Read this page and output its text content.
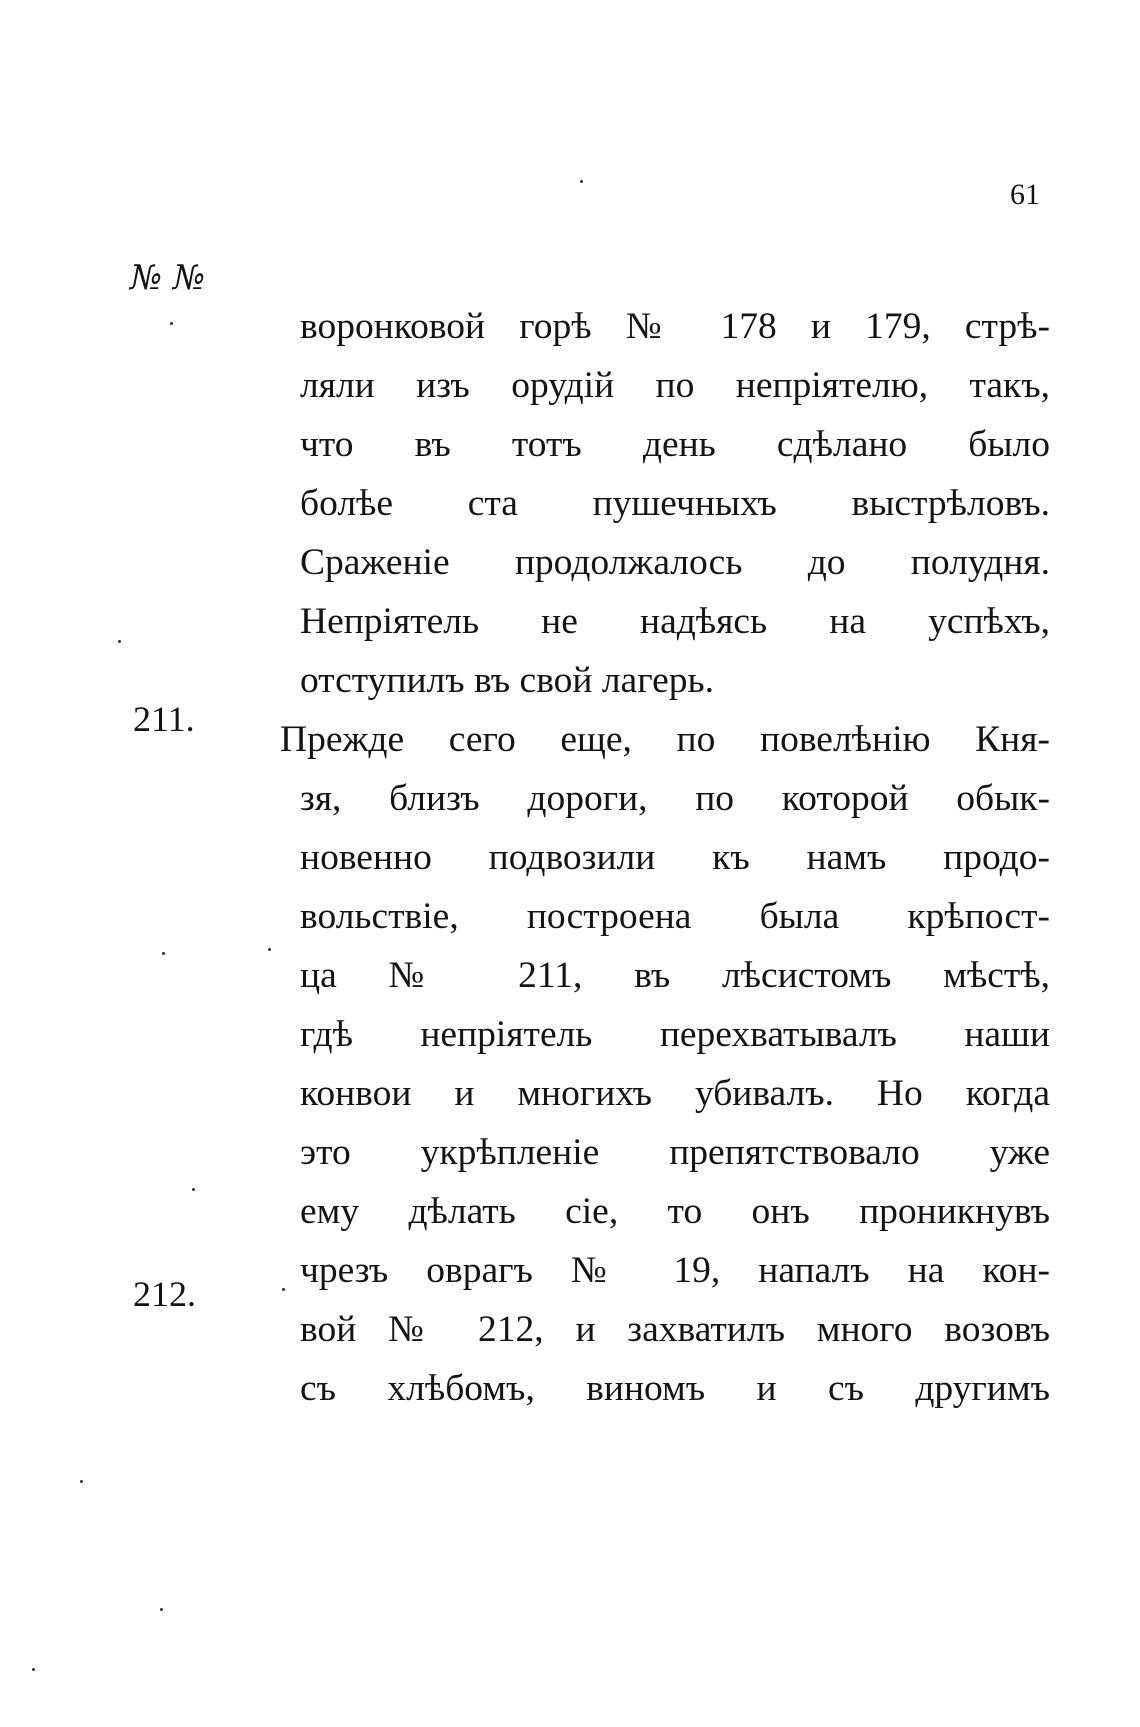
61
№ №
211.
212.
воронковой горѣ № 178 и 179, стрѣ-
ляли изъ орудій по непріятелю, такъ,
что въ тотъ день сдѣлано было
болѣе ста пушечныхъ выстрѣловъ.
Сраженіе продолжалось до полудня.
Непріятель не надѣясь на успѣхъ,
отступилъ въ свой лагерь.
Прежде сего еще, по повелѣнію Кня-
зя, близъ дороги, по которой обык-
новенно подвозили къ намъ продо-
вольствіе, построена была крѣпост-
ца № 211, въ лѣсистомъ мѣстѣ,
гдѣ непріятель перехватывалъ наши
конвои и многихъ убивалъ. Но когда
это укрѣпленіе препятствовало уже
ему дѣлать сіе, то онъ проникнувъ
чрезъ оврагъ № 19, напалъ на кон-
вой № 212, и захватилъ много возовъ
съ хлѣбомъ, виномъ и съ другимъ
